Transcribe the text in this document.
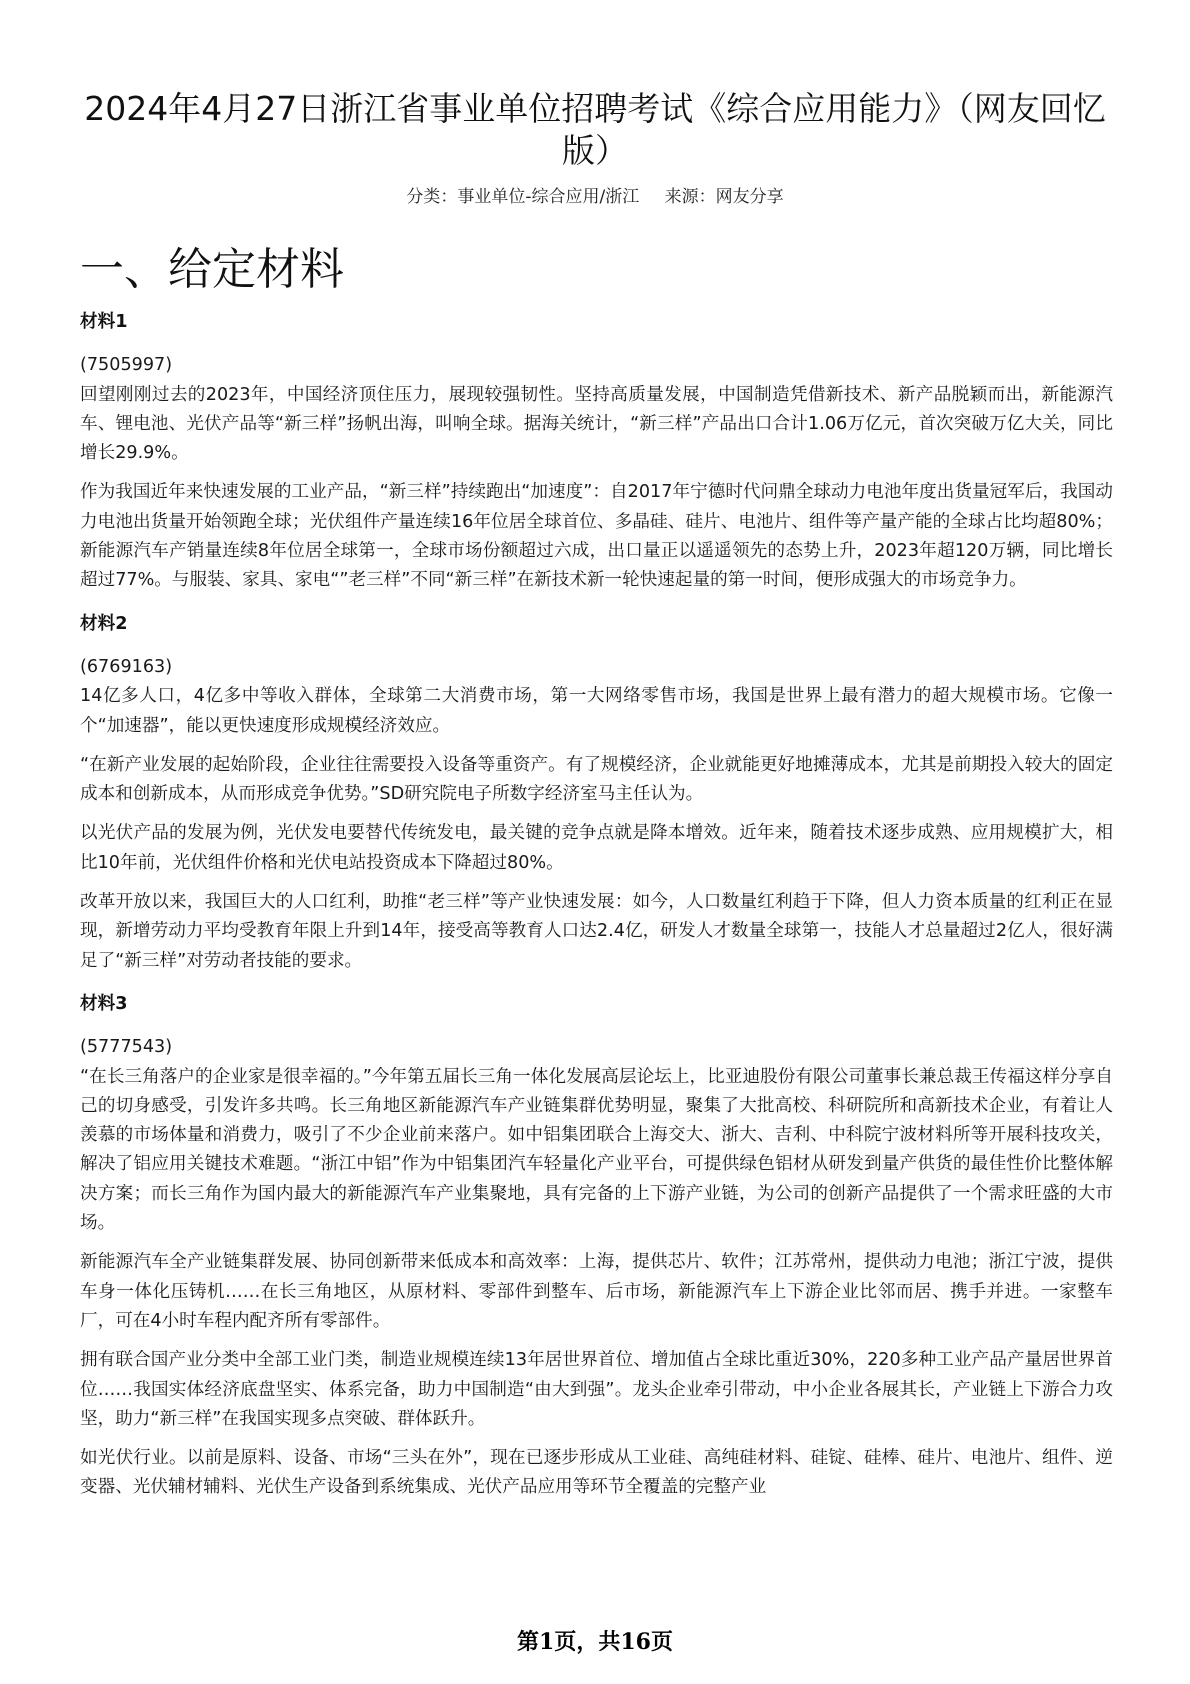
2024年4月27日浙江省事业单位招聘考试《综合应用能力》（网友回忆版）
分类：事业单位-综合应用/浙江 来源：网友分享
一、给定材料
材料1
(7505997)

回望刚刚过去的2023年，中国经济顶住压力，展现较强韧性。坚持高质量发展，中国制造凭借新技术、新产品脱颖而出，新能源汽车、锂电池、光伏产品等“新三样”扬帆出海，叫响全球。据海关统计，“新三样”产品出口合计1.06万亿元，首次突破万亿大关，同比增长29.9%。

作为我国近年来快速发展的工业产品，“新三样”持续跑出“加速度”：自2017年宁德时代问鼎全球动力电池年度出货量冠军后，我国动力电池出货量开始领跑全球；光伏组件产量连续16年位居全球首位、多晶硅、硅片、电池片、组件等产量产能的全球占比均超80%；新能源汽车产销量连续8年位居全球第一，全球市场份额超过六成，出口量正以遥遥领先的态势上升，2023年超120万辆，同比增长超过77%。与服装、家具、家电“”老三样”不同“新三样”在新技术新一轮快速起量的第一时间，便形成强大的市场竞争力。

材料2
(6769163)

14亿多人口，4亿多中等收入群体，全球第二大消费市场，第一大网络零售市场，我国是世界上最有潜力的超大规模市场。它像一个“加速器”，能以更快速度形成规模经济效应。

“在新产业发展的起始阶段，企业往往需要投入设备等重资产。有了规模经济，企业就能更好地摊薄成本，尤其是前期投入较大的固定成本和创新成本，从而形成竞争优势。”SD研究院电子所数字经济室马主任认为。

以光伏产品的发展为例，光伏发电要替代传统发电，最关键的竞争点就是降本增效。近年来，随着技术逐步成熟、应用规模扩大，相比10年前，光伏组件价格和光伏电站投资成本下降超过80%。

改革开放以来，我国巨大的人口红利，助推“老三样”等产业快速发展：如今，人口数量红利趋于下降，但人力资本质量的红利正在显现，新增劳动力平均受教育年限上升到14年，接受高等教育人口达2.4亿，研发人才数量全球第一，技能人才总量超过2亿人，很好满足了“新三样”对劳动者技能的要求。

材料3
(5777543)

“在长三角落户的企业家是很幸福的。”今年第五届长三角一体化发展高层论坛上，比亚迪股份有限公司董事长兼总裁王传福这样分享自己的切身感受，引发许多共鸣。长三角地区新能源汽车产业链集群优势明显，聚集了大批高校、科研院所和高新技术企业，有着让人羡慕的市场体量和消费力，吸引了不少企业前来落户。如中铝集团联合上海交大、浙大、吉利、中科院宁波材料所等开展科技攻关，解决了铝应用关键技术难题。“浙江中铝”作为中铝集团汽车轻量化产业平台，可提供绿色铝材从研发到量产供货的最佳性价比整体解决方案；而长三角作为国内最大的新能源汽车产业集聚地，具有完备的上下游产业链，为公司的创新产品提供了一个需求旺盛的大市场。

新能源汽车全产业链集群发展、协同创新带来低成本和高效率：上海，提供芯片、软件；江苏常州，提供动力电池；浙江宁波，提供车身一体化压铸机……在长三角地区，从原材料、零部件到整车、后市场，新能源汽车上下游企业比邻而居、携手并进。一家整车厂，可在4小时车程内配齐所有零部件。

拥有联合国产业分类中全部工业门类，制造业规模连续13年居世界首位、增加值占全球比重近30%，220多种工业产品产量居世界首位……我国实体经济底盘坚实、体系完备，助力中国制造“由大到强”。龙头企业牵引带动，中小企业各展其长，产业链上下游合力攻坚，助力“新三样”在我国实现多点突破、群体跃升。

如光伏行业。以前是原料、设备、市场“三头在外”，现在已逐步形成从工业硅、高纯硅材料、硅锭、硅棒、硅片、电池片、组件、逆变器、光伏辅材辅料、光伏生产设备到系统集成、光伏产品应用等环节全覆盖的完整产业

第1页，共16页
